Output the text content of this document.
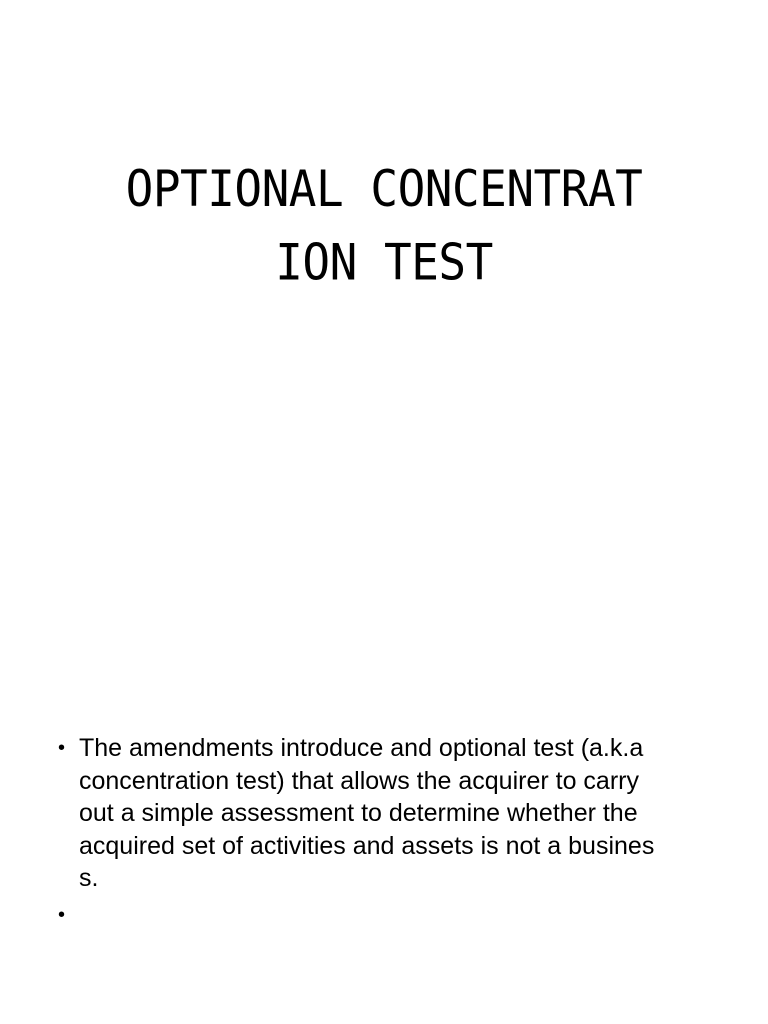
OPTIONAL CONCENTRAT
ION TEST
• The amendments introduce and optional test (a.k.a
concentration test) that allows the acquirer to carry
out a simple assessment to determine whether the
acquired set of activities and assets is not a busines
s.
•
